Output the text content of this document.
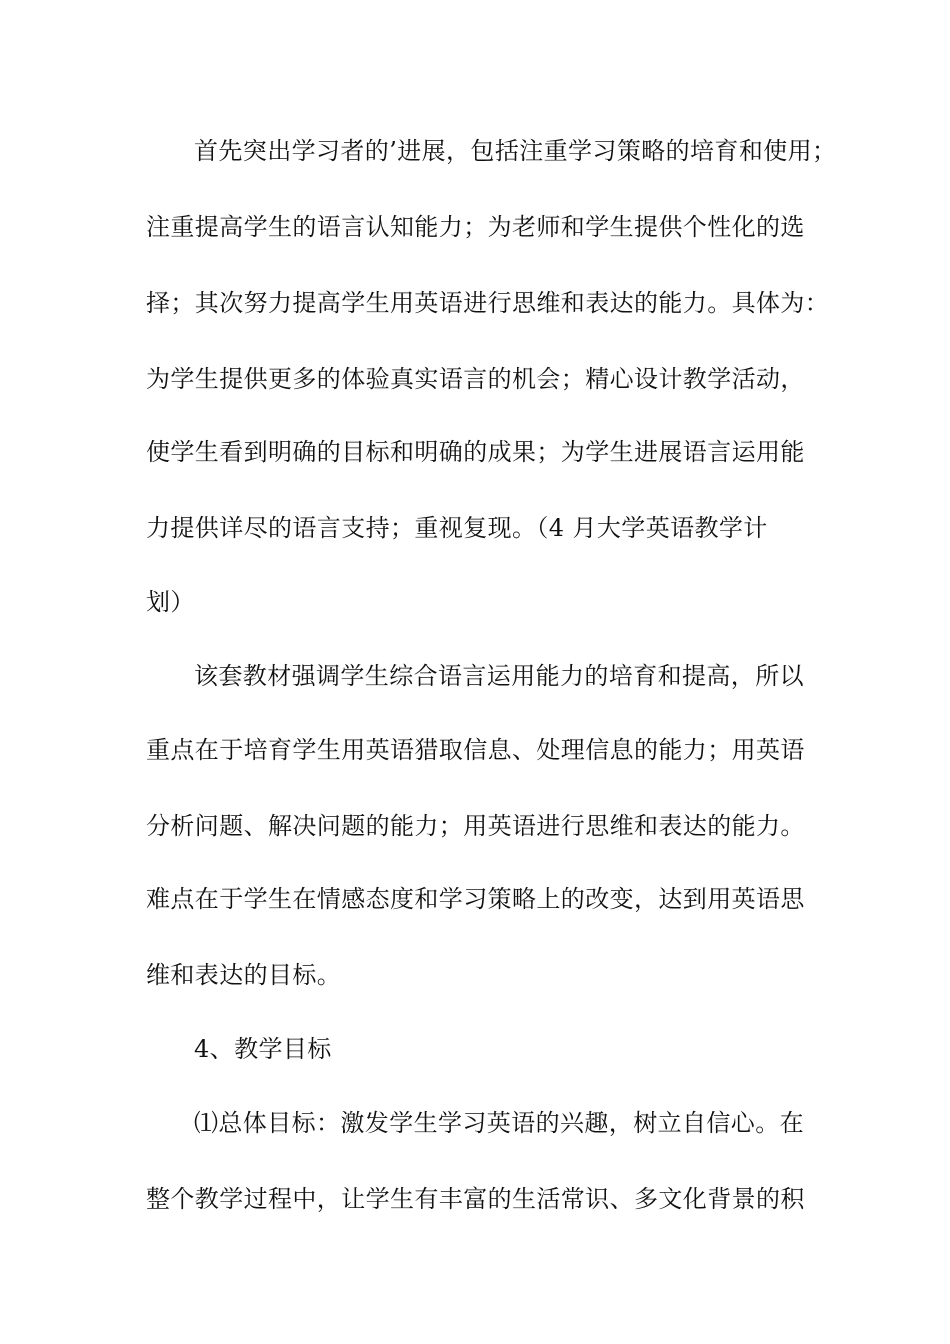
首先突出学习者的’进展，包括注重学习策略的培育和使用；
注重提高学生的语言认知能力；为老师和学生提供个性化的选
择；其次努力提高学生用英语进行思维和表达的能力。具体为：
为学生提供更多的体验真实语言的机会；精心设计教学活动，
使学生看到明确的目标和明确的成果；为学生进展语言运用能
力提供详尽的语言支持；重视复现。（4 月大学英语教学计
划）
该套教材强调学生综合语言运用能力的培育和提高，所以
重点在于培育学生用英语猎取信息、处理信息的能力；用英语
分析问题、解决问题的能力；用英语进行思维和表达的能力。
难点在于学生在情感态度和学习策略上的改变，达到用英语思
维和表达的目标。
4、教学目标
⑴总体目标：激发学生学习英语的兴趣，树立自信心。在
整个教学过程中，让学生有丰富的生活常识、多文化背景的积
